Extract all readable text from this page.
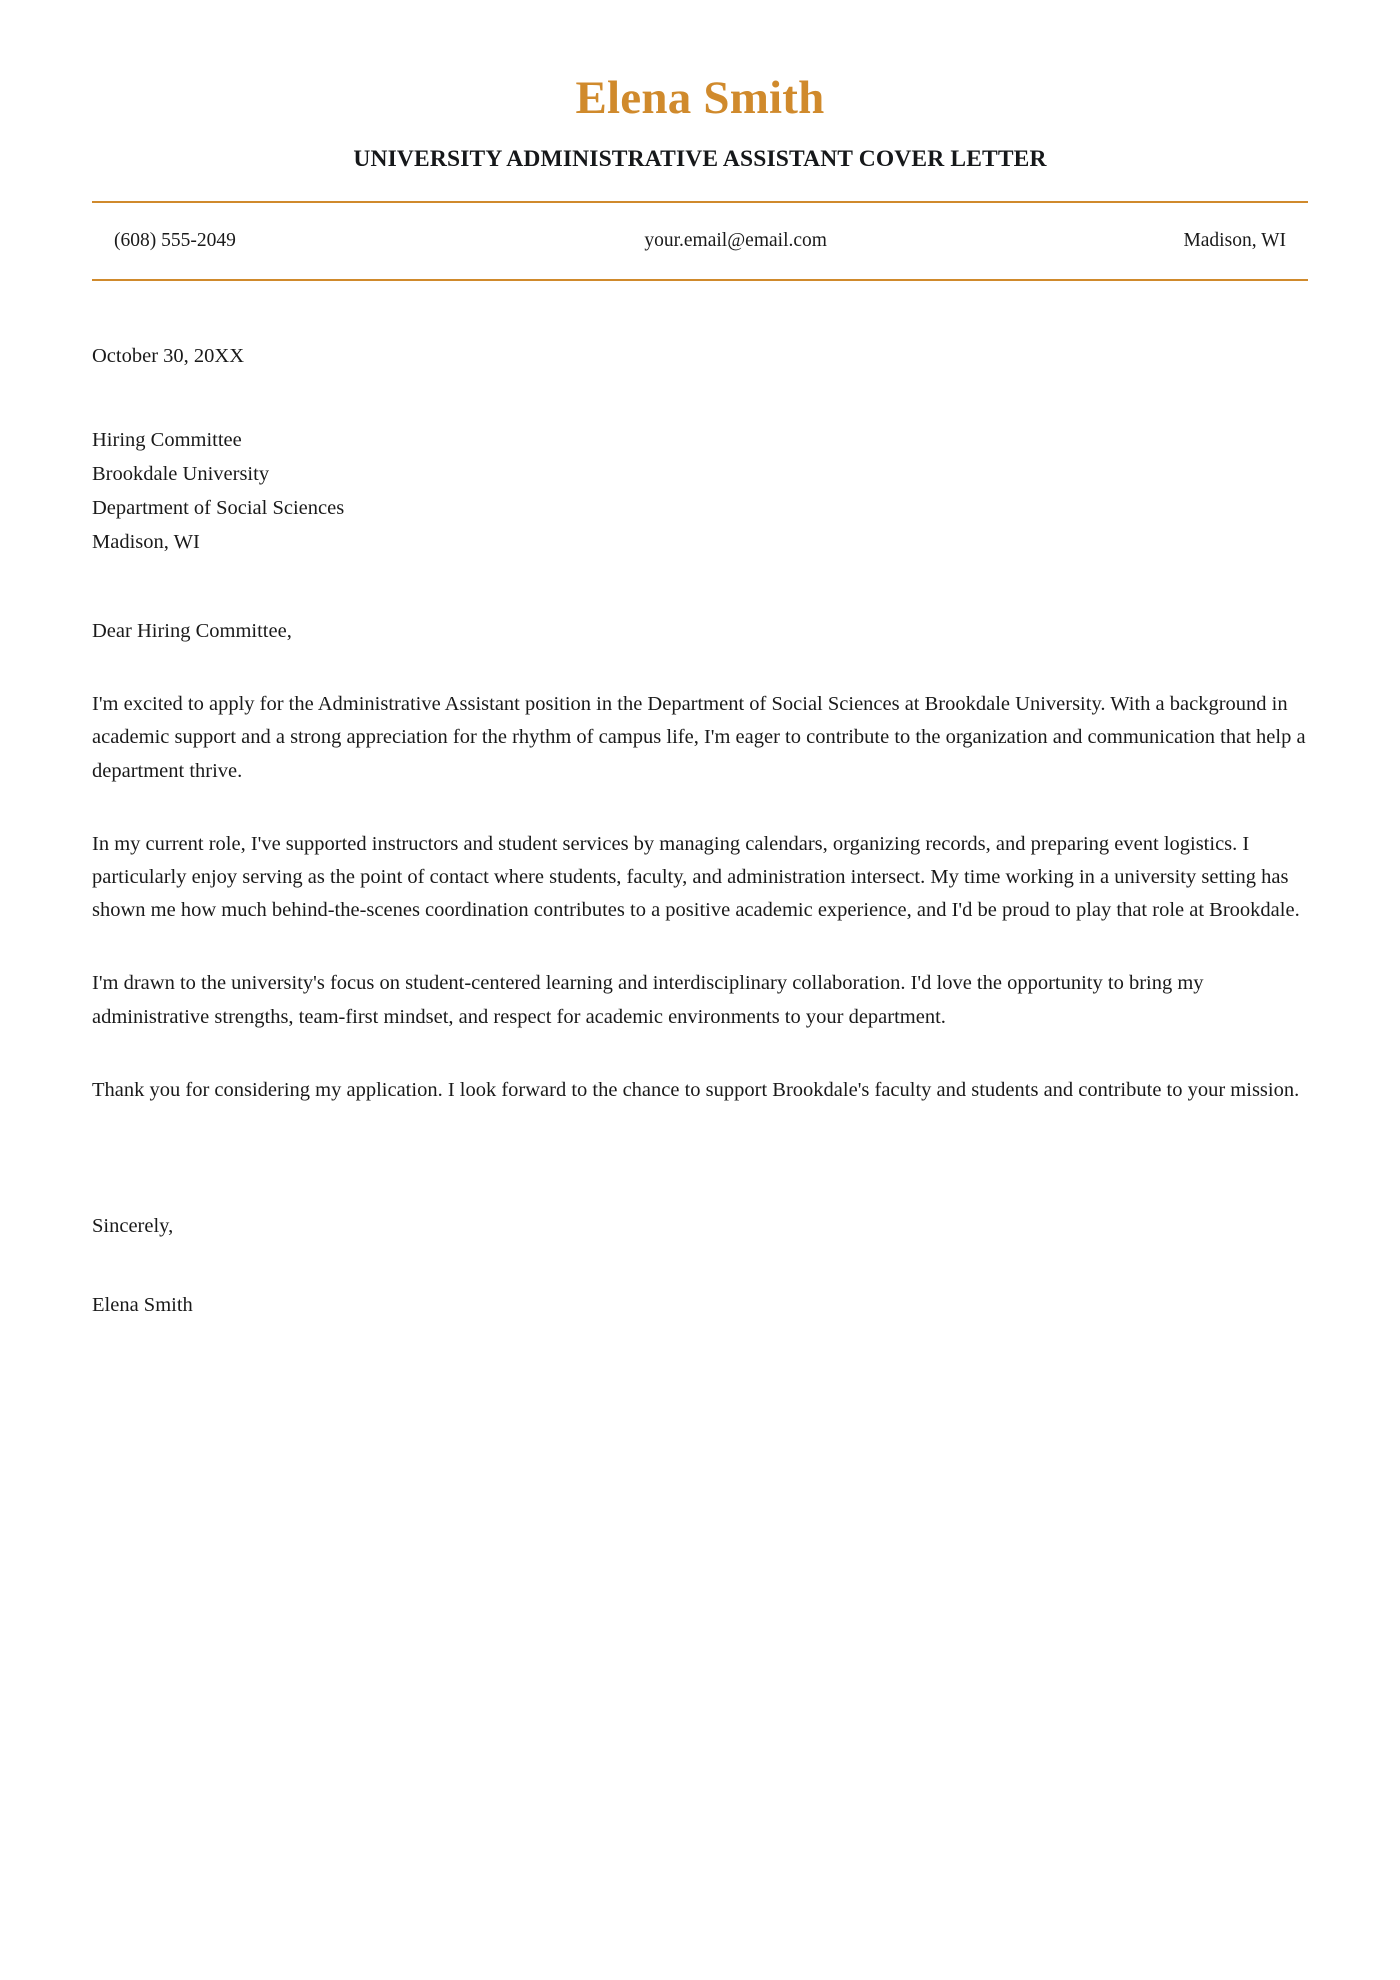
Elena Smith
UNIVERSITY ADMINISTRATIVE ASSISTANT COVER LETTER
(608) 555-2049	your.email@email.com	Madison, WI
October 30, 20XX
Hiring Committee
Brookdale University
Department of Social Sciences
Madison, WI
Dear Hiring Committee,

I'm excited to apply for the Administrative Assistant position in the Department of Social Sciences at Brookdale University. With a background in academic support and a strong appreciation for the rhythm of campus life, I'm eager to contribute to the organization and communication that help a department thrive.

In my current role, I've supported instructors and student services by managing calendars, organizing records, and preparing event logistics. I particularly enjoy serving as the point of contact where students, faculty, and administration intersect. My time working in a university setting has shown me how much behind-the-scenes coordination contributes to a positive academic experience, and I'd be proud to play that role at Brookdale.

I'm drawn to the university's focus on student-centered learning and interdisciplinary collaboration. I'd love the opportunity to bring my administrative strengths, team-first mindset, and respect for academic environments to your department.

Thank you for considering my application. I look forward to the chance to support Brookdale's faculty and students and contribute to your mission.

Sincerely,
Elena Smith
